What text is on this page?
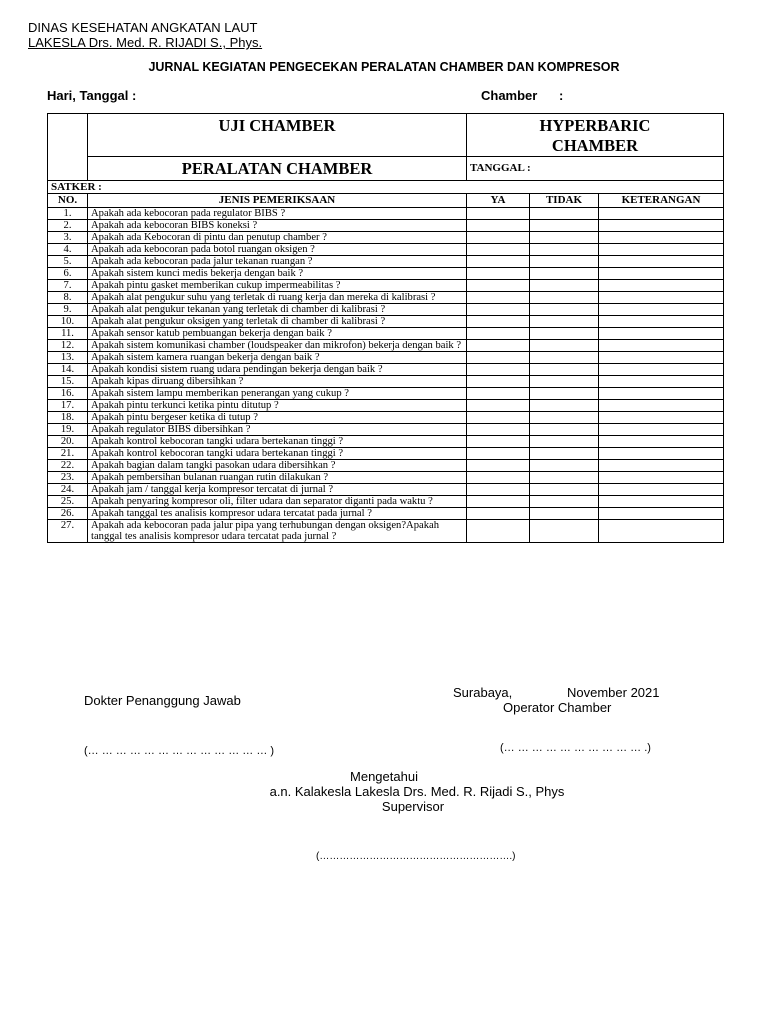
DINAS KESEHATAN ANGKATAN LAUT
LAKESLA Drs. Med. R. RIJADI S., Phys.
JURNAL KEGIATAN PENGECEKAN PERALATAN CHAMBER DAN KOMPRESOR
Hari, Tanggal :	Chamber      :
	UJI CHAMBER	HYPERBARIC
CHAMBER		
	PERALATAN CHAMBER	TANGGAL :		
SATKER :				
NO.	JENIS PEMERIKSAAN	YA	TIDAK	KETERANGAN
1.	Apakah ada kebocoran pada regulator BIBS ?			
2.	Apakah ada kebocoran BIBS koneksi ?			
3.	Apakah ada Kebocoran di pintu dan penutup chamber ?			
4.	Apakah ada kebocoran pada botol ruangan oksigen ?			
5.	Apakah ada kebocoran pada jalur tekanan ruangan ?			
6.	Apakah sistem kunci medis bekerja dengan baik ?			
7.	Apakah pintu gasket memberikan cukup impermeabilitas ?			
8.	Apakah alat pengukur suhu yang terletak di ruang kerja dan mereka di kalibrasi ?			
9.	Apakah alat pengukur tekanan yang terletak di chamber di kalibrasi ?			
10.	Apakah alat pengukur oksigen yang terletak di chamber di kalibrasi ?			
11.	Apakah sensor katub pembuangan bekerja dengan baik ?			
12.	Apakah sistem komunikasi chamber (loudspeaker dan mikrofon) bekerja dengan baik ?			
13.	Apakah sistem kamera ruangan bekerja dengan baik ?			
14.	Apakah kondisi sistem ruang udara pendingan bekerja dengan baik ?			
15.	Apakah kipas diruang dibersihkan ?			
16.	Apakah sistem lampu memberikan penerangan yang cukup ?			
17.	Apakah pintu terkunci ketika pintu ditutup ?			
18.	Apakah pintu bergeser ketika di tutup ?			
19.	Apakah regulator BIBS dibersihkan ?			
20.	Apakah kontrol kebocoran tangki udara bertekanan tinggi ?			
21.	Apakah kontrol kebocoran tangki udara bertekanan tinggi ?			
22.	Apakah bagian dalam tangki pasokan udara dibersihkan ?			
23.	Apakah pembersihan bulanan ruangan rutin dilakukan ?			
24.	Apakah jam / tanggal kerja kompresor tercatat di jurnal ?			
25.	Apakah penyaring kompresor oli, filter udara dan separator diganti pada waktu ?			
26.	Apakah tanggal tes analisis kompresor udara tercatat pada jurnal ?			
27.	Apakah ada kebocoran pada jalur pipa yang terhubungan dengan oksigen?Apakah tanggal tes analisis kompresor udara tercatat pada jurnal ?			
Dokter Penanggung Jawab
Surabaya,	November 2021
Operator Chamber
(… … … … … … … … … … … … … )	(… … … … … … … … … … .)
Mengetahui
a.n. Kalakesla Lakesla Drs. Med. R. Rijadi S., Phys
Supervisor
(………………………………………………….)
